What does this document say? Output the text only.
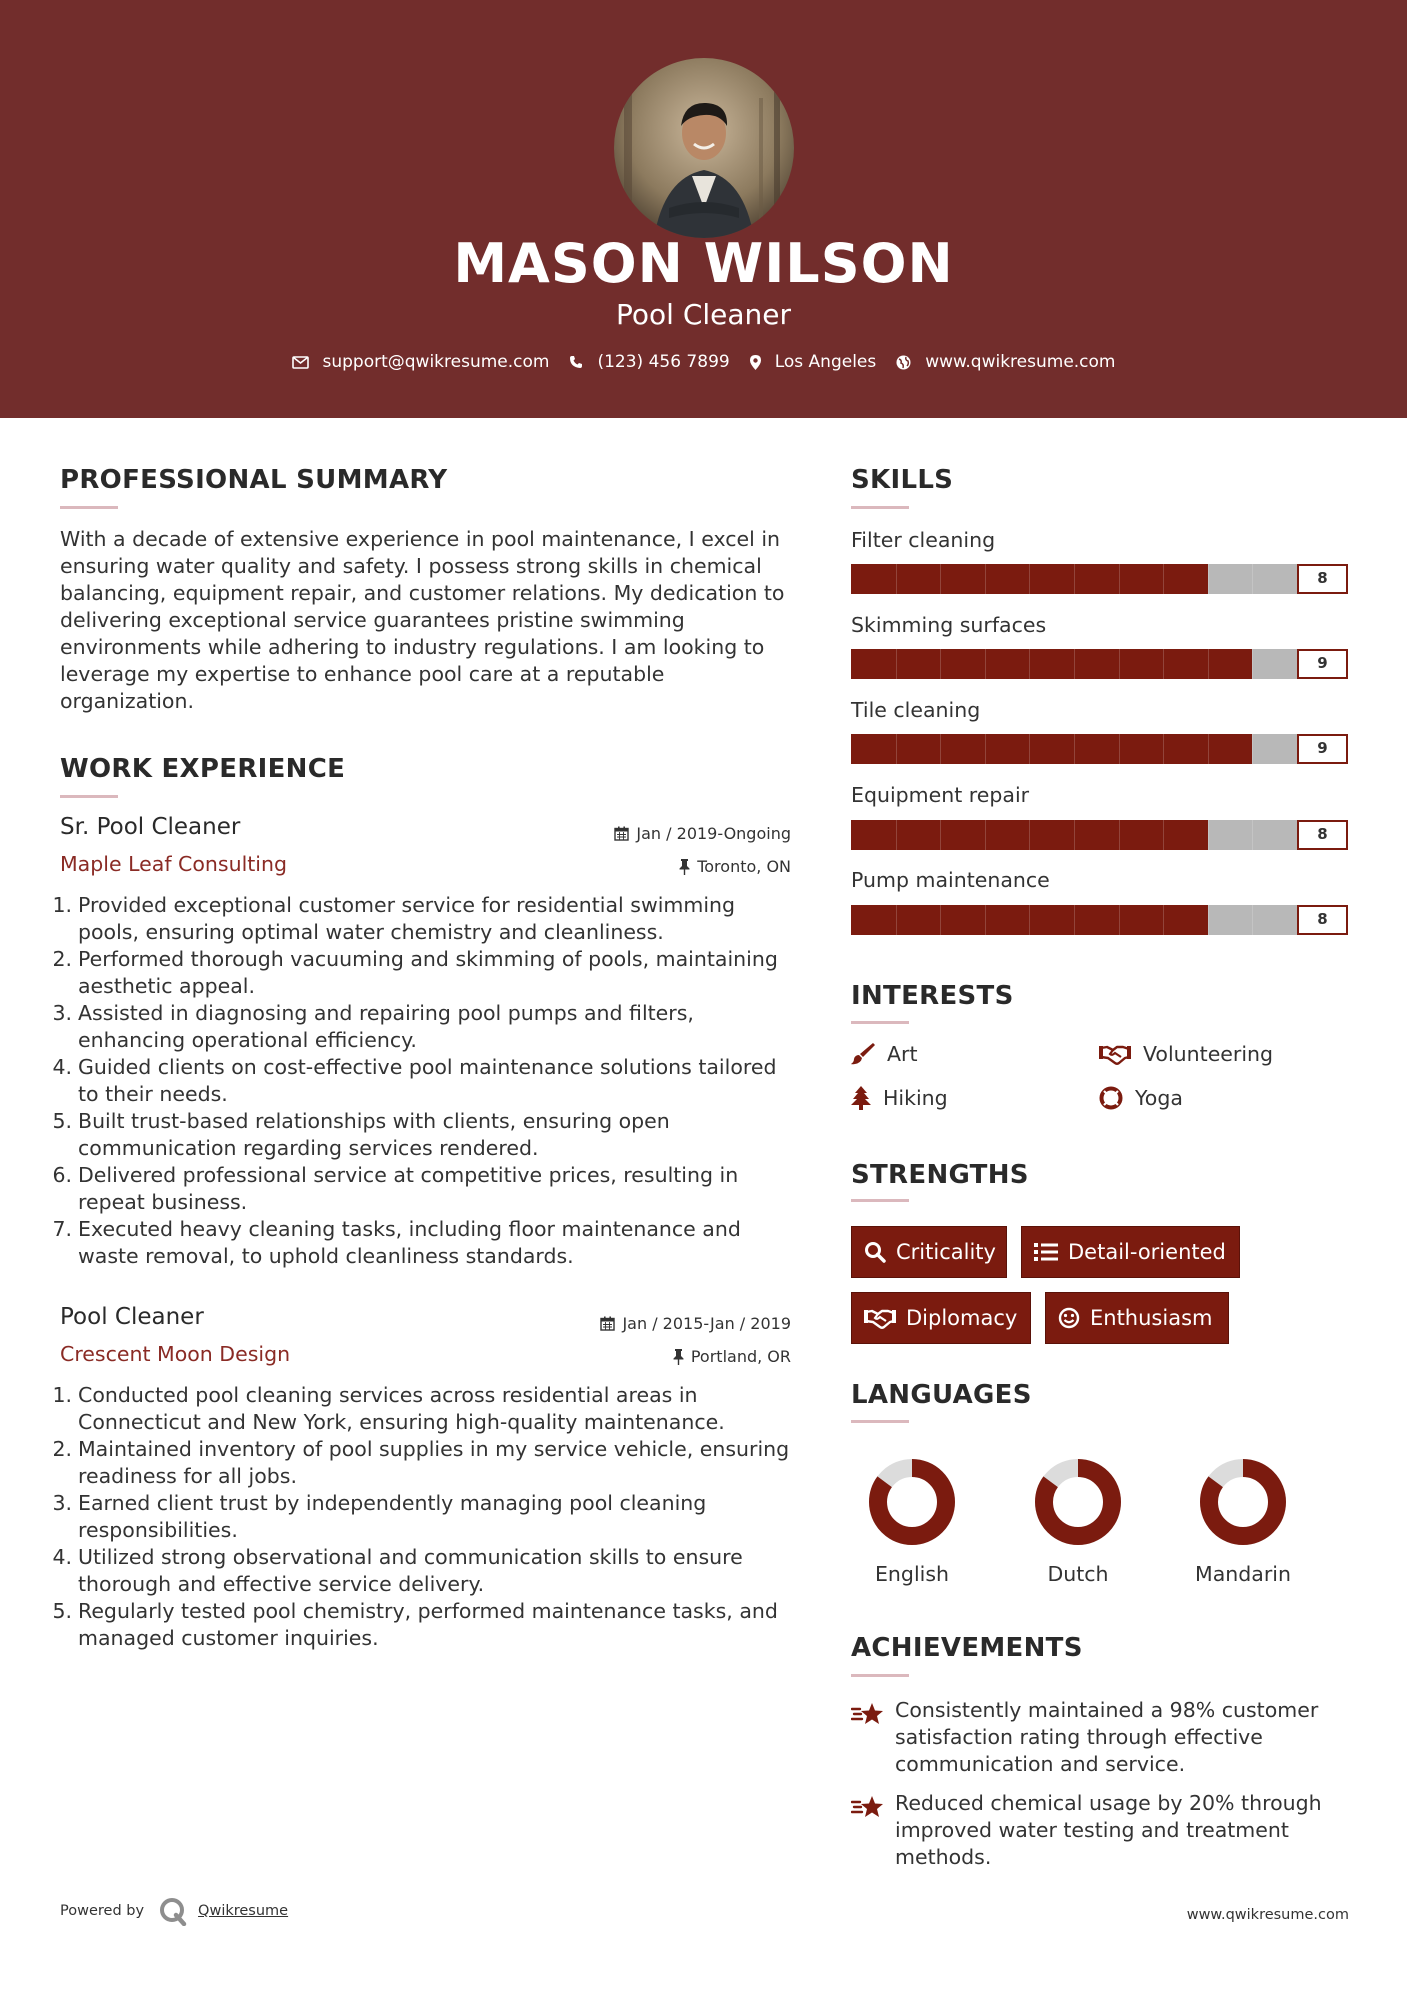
MASON WILSON
Pool Cleaner
support@qwikresume.com	(123) 456 7899	Los Angeles	www.qwikresume.com
PROFESSIONAL SUMMARY
With a decade of extensive experience in pool maintenance, I excel in ensuring water quality and safety. I possess strong skills in chemical balancing, equipment repair, and customer relations. My dedication to delivering exceptional service guarantees pristine swimming environments while adhering to industry regulations. I am looking to leverage my expertise to enhance pool care at a reputable organization.
WORK EXPERIENCE
Sr. Pool Cleaner	Jan / 2019-Ongoing
Maple Leaf Consulting	Toronto, ON
1. Provided exceptional customer service for residential swimming pools, ensuring optimal water chemistry and cleanliness.
2. Performed thorough vacuuming and skimming of pools, maintaining aesthetic appeal.
3. Assisted in diagnosing and repairing pool pumps and filters, enhancing operational efficiency.
4. Guided clients on cost-effective pool maintenance solutions tailored to their needs.
5. Built trust-based relationships with clients, ensuring open communication regarding services rendered.
6. Delivered professional service at competitive prices, resulting in repeat business.
7. Executed heavy cleaning tasks, including floor maintenance and waste removal, to uphold cleanliness standards.
Pool Cleaner	Jan / 2015-Jan / 2019
Crescent Moon Design	Portland, OR
1. Conducted pool cleaning services across residential areas in Connecticut and New York, ensuring high-quality maintenance.
2. Maintained inventory of pool supplies in my service vehicle, ensuring readiness for all jobs.
3. Earned client trust by independently managing pool cleaning responsibilities.
4. Utilized strong observational and communication skills to ensure thorough and effective service delivery.
5. Regularly tested pool chemistry, performed maintenance tasks, and managed customer inquiries.
SKILLS
Filter cleaning
8
Skimming surfaces
9
Tile cleaning
9
Equipment repair
8
Pump maintenance
8
INTERESTS
Art	Volunteering
Hiking	Yoga
STRENGTHS
Criticality	Detail-oriented
Diplomacy	Enthusiasm
LANGUAGES
English	Dutch	Mandarin
ACHIEVEMENTS
Consistently maintained a 98% customer satisfaction rating through effective communication and service.
Reduced chemical usage by 20% through improved water testing and treatment methods.
Powered by	Qwikresume	www.qwikresume.com
